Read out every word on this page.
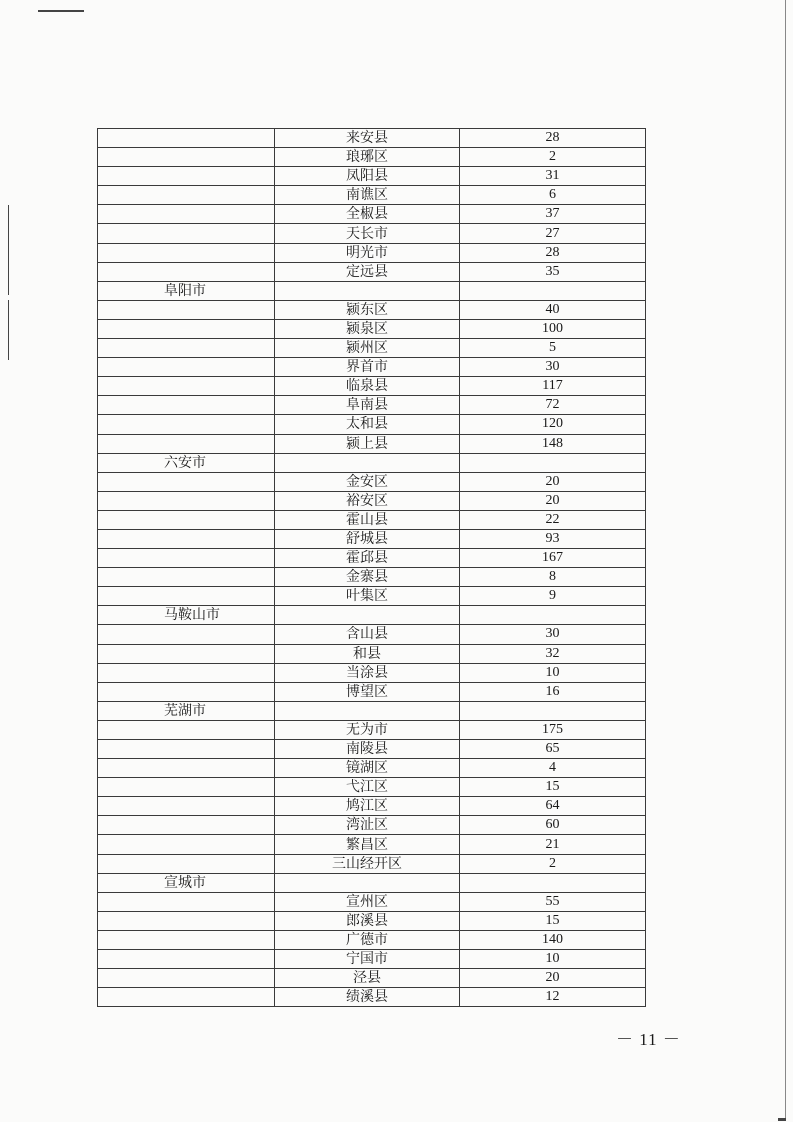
	来安县	28
	琅琊区	2
	凤阳县	31
	南谯区	6
	全椒县	37
	天长市	27
	明光市	28
	定远县	35
阜阳市		
	颍东区	40
	颍泉区	100
	颍州区	5
	界首市	30
	临泉县	117
	阜南县	72
	太和县	120
	颍上县	148
六安市		
	金安区	20
	裕安区	20
	霍山县	22
	舒城县	93
	霍邱县	167
	金寨县	8
	叶集区	9
马鞍山市		
	含山县	30
	和县	32
	当涂县	10
	博望区	16
芜湖市		
	无为市	175
	南陵县	65
	镜湖区	4
	弋江区	15
	鸠江区	64
	湾沚区	60
	繁昌区	21
	三山经开区	2
宣城市		
	宣州区	55
	郎溪县	15
	广德市	140
	宁国市	10
	泾县	20
	绩溪县	12
－ 11 －
